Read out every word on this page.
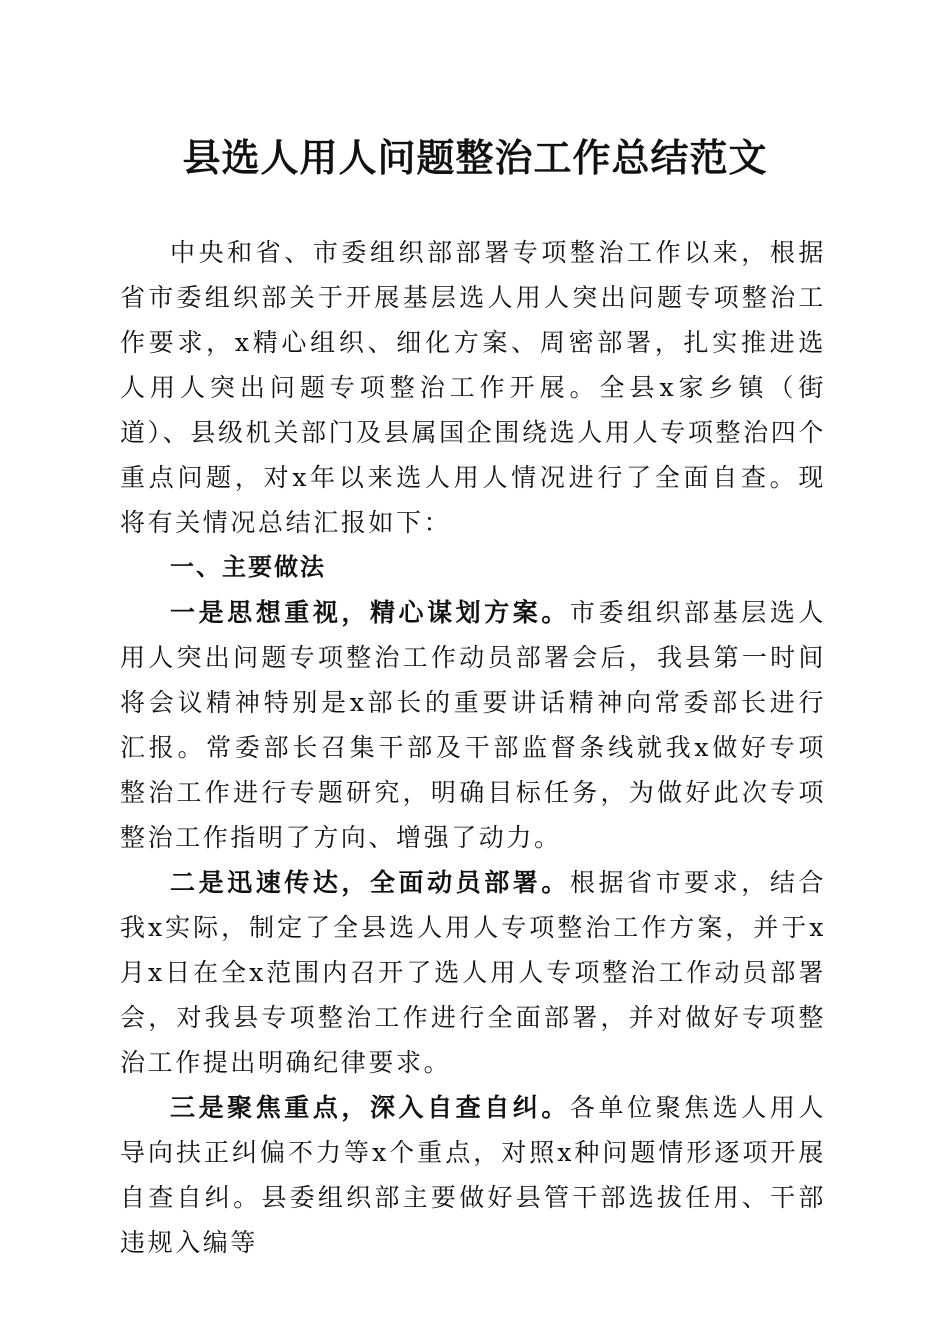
县选人用人问题整治工作总结范文

中央和省、市委组织部部署专项整治工作以来，根据省市委组织部关于开展基层选人用人突出问题专项整治工作要求，x精心组织、细化方案、周密部署，扎实推进选人用人突出问题专项整治工作开展。全县x家乡镇（街道）、县级机关部门及县属国企围绕选人用人专项整治四个重点问题，对x年以来选人用人情况进行了全面自查。现将有关情况总结汇报如下：

一、主要做法

一是思想重视，精心谋划方案。市委组织部基层选人用人突出问题专项整治工作动员部署会后，我县第一时间将会议精神特别是x部长的重要讲话精神向常委部长进行汇报。常委部长召集干部及干部监督条线就我x做好专项整治工作进行专题研究，明确目标任务，为做好此次专项整治工作指明了方向、增强了动力。

二是迅速传达，全面动员部署。根据省市要求，结合我x实际，制定了全县选人用人专项整治工作方案，并于x月x日在全x范围内召开了选人用人专项整治工作动员部署会，对我县专项整治工作进行全面部署，并对做好专项整治工作提出明确纪律要求。

三是聚焦重点，深入自查自纠。各单位聚焦选人用人导向扶正纠偏不力等x个重点，对照x种问题情形逐项开展自查自纠。县委组织部主要做好县管干部选拔任用、干部违规入编等
